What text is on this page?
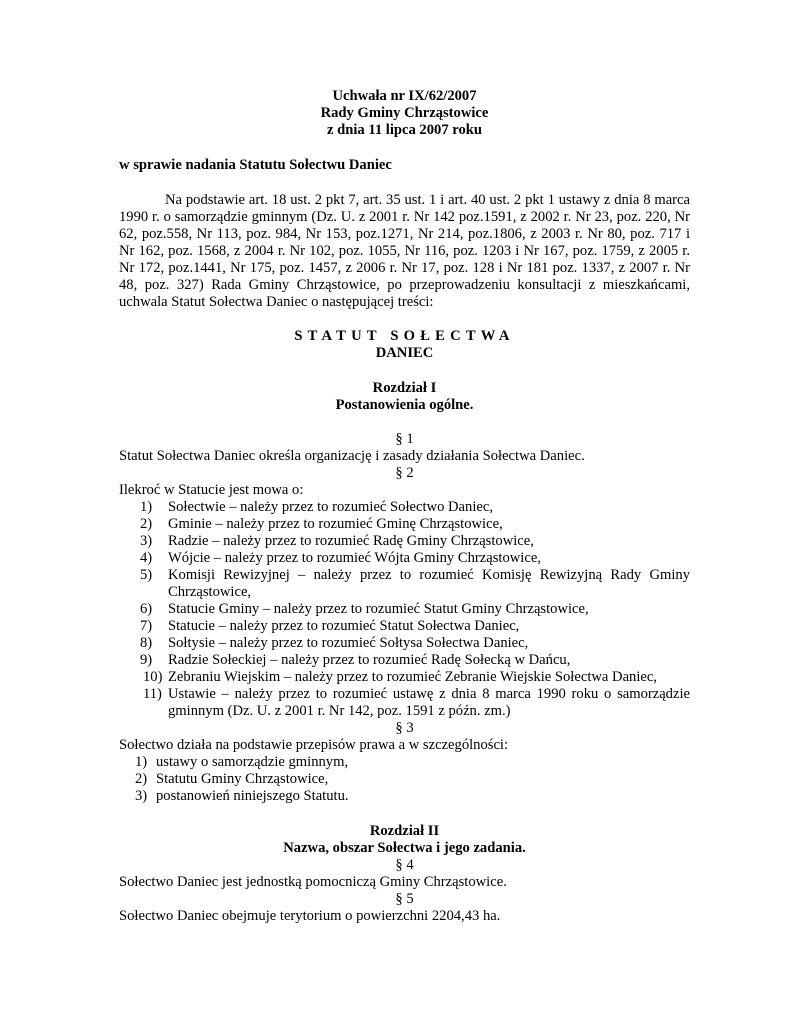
Uchwała nr IX/62/2007
Rady Gminy Chrząstowice
z dnia 11 lipca 2007 roku
w sprawie nadania Statutu Sołectwu Daniec
Na podstawie art. 18 ust. 2 pkt 7, art. 35 ust. 1 i art. 40 ust. 2 pkt 1 ustawy z dnia 8 marca 1990 r. o samorządzie gminnym (Dz. U. z 2001 r. Nr 142 poz.1591, z 2002 r. Nr 23, poz. 220, Nr 62, poz.558, Nr 113, poz. 984, Nr 153, poz.1271, Nr 214, poz.1806, z 2003 r. Nr 80, poz. 717 i Nr 162, poz. 1568, z 2004 r. Nr 102, poz. 1055, Nr 116, poz. 1203 i Nr 167, poz. 1759, z 2005 r. Nr 172, poz.1441, Nr 175, poz. 1457, z 2006 r. Nr 17, poz. 128 i Nr 181 poz. 1337, z 2007 r. Nr 48, poz. 327) Rada Gminy Chrząstowice, po przeprowadzeniu konsultacji z mieszkańcami, uchwala Statut Sołectwa Daniec o następującej treści:
STATUT SOŁECTWA
DANIEC
Rozdział I
Postanowienia ogólne.
§ 1
Statut Sołectwa Daniec określa organizację i zasady działania Sołectwa Daniec.
§ 2
Ilekroć w Statucie jest mowa o:
1)	Sołectwie – należy przez to rozumieć Sołectwo Daniec,
2)	Gminie – należy przez to rozumieć Gminę Chrząstowice,
3)	Radzie – należy przez to rozumieć Radę Gminy Chrząstowice,
4)	Wójcie – należy przez to rozumieć Wójta Gminy Chrząstowice,
5)	Komisji Rewizyjnej – należy przez to rozumieć Komisję Rewizyjną Rady Gminy Chrząstowice,
6)	Statucie Gminy – należy przez to rozumieć Statut Gminy Chrząstowice,
7)	Statucie – należy przez to rozumieć Statut Sołectwa Daniec,
8)	Sołtysie – należy przez to rozumieć Sołtysa Sołectwa Daniec,
9)	Radzie Sołeckiej – należy przez to rozumieć Radę Sołecką w Dańcu,
10) Zebraniu Wiejskim – należy przez to rozumieć Zebranie Wiejskie Sołectwa Daniec,
11) Ustawie – należy przez to rozumieć ustawę z dnia 8 marca 1990 roku o samorządzie gminnym (Dz. U. z 2001 r. Nr 142, poz. 1591 z późn. zm.)
§ 3
Sołectwo działa na podstawie przepisów prawa a w szczególności:
1) ustawy o samorządzie gminnym,
2) Statutu Gminy Chrząstowice,
3) postanowień niniejszego Statutu.
Rozdział II
Nazwa, obszar Sołectwa i jego zadania.
§ 4
Sołectwo Daniec jest jednostką pomocniczą Gminy Chrząstowice.
§ 5
Sołectwo Daniec obejmuje terytorium o powierzchni 2204,43 ha.
